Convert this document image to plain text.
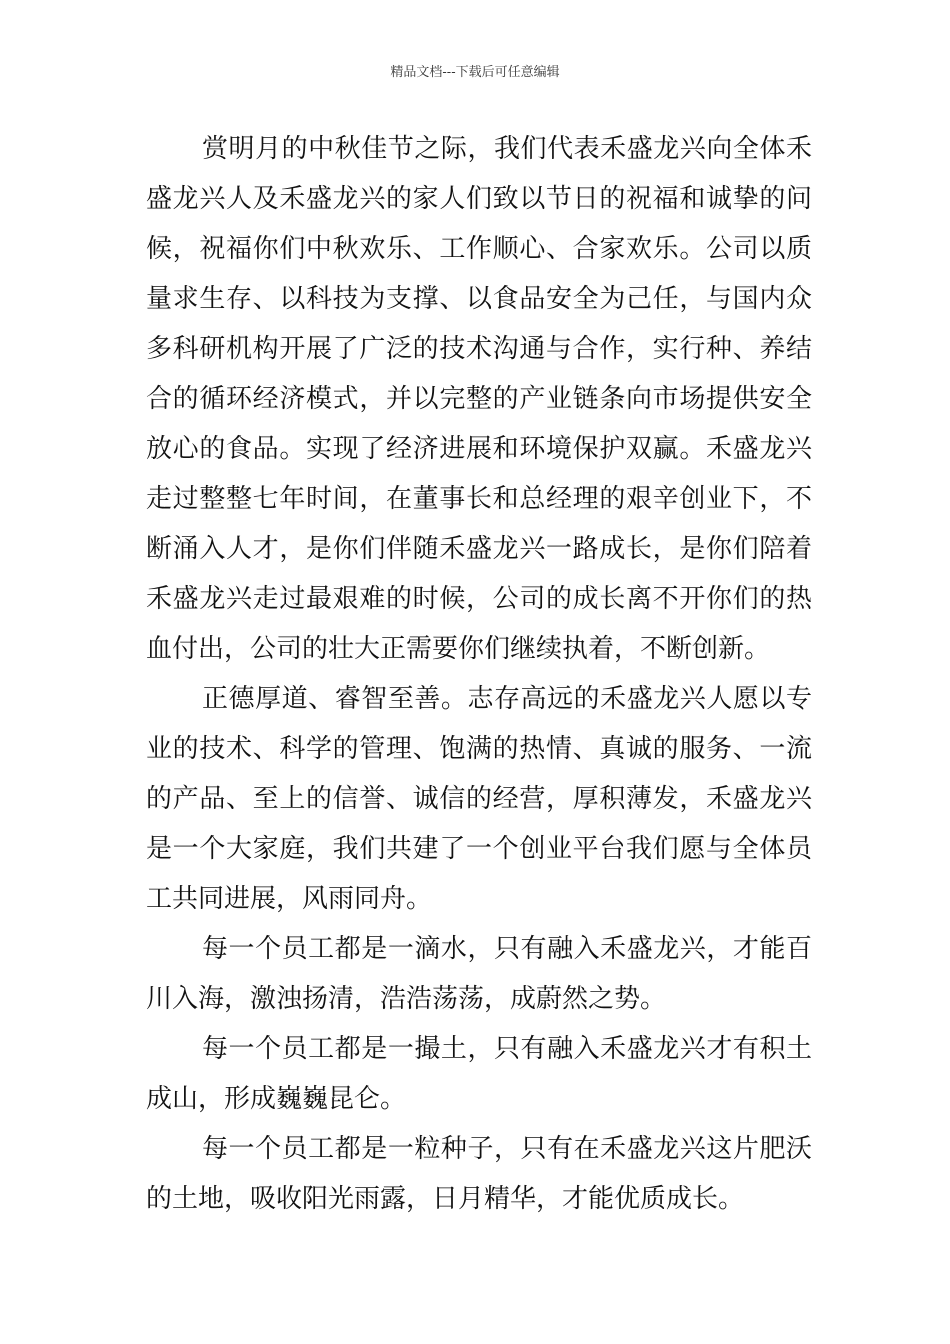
精品文档---下载后可任意编辑

赏明月的中秋佳节之际，我们代表禾盛龙兴向全体禾盛龙兴人及禾盛龙兴的家人们致以节日的祝福和诚挚的问候，祝福你们中秋欢乐、工作顺心、合家欢乐。公司以质量求生存、以科技为支撑、以食品安全为己任，与国内众多科研机构开展了广泛的技术沟通与合作，实行种、养结合的循环经济模式，并以完整的产业链条向市场提供安全放心的食品。实现了经济进展和环境保护双赢。禾盛龙兴走过整整七年时间，在董事长和总经理的艰辛创业下，不断涌入人才，是你们伴随禾盛龙兴一路成长，是你们陪着禾盛龙兴走过最艰难的时候，公司的成长离不开你们的热血付出，公司的壮大正需要你们继续执着，不断创新。

正德厚道、睿智至善。志存高远的禾盛龙兴人愿以专业的技术、科学的管理、饱满的热情、真诚的服务、一流的产品、至上的信誉、诚信的经营，厚积薄发，禾盛龙兴是一个大家庭，我们共建了一个创业平台我们愿与全体员工共同进展，风雨同舟。

每一个员工都是一滴水，只有融入禾盛龙兴，才能百川入海，激浊扬清，浩浩荡荡，成蔚然之势。

每一个员工都是一撮土，只有融入禾盛龙兴才有积土成山，形成巍巍昆仑。

每一个员工都是一粒种子，只有在禾盛龙兴这片肥沃的土地，吸收阳光雨露，日月精华，才能优质成长。
